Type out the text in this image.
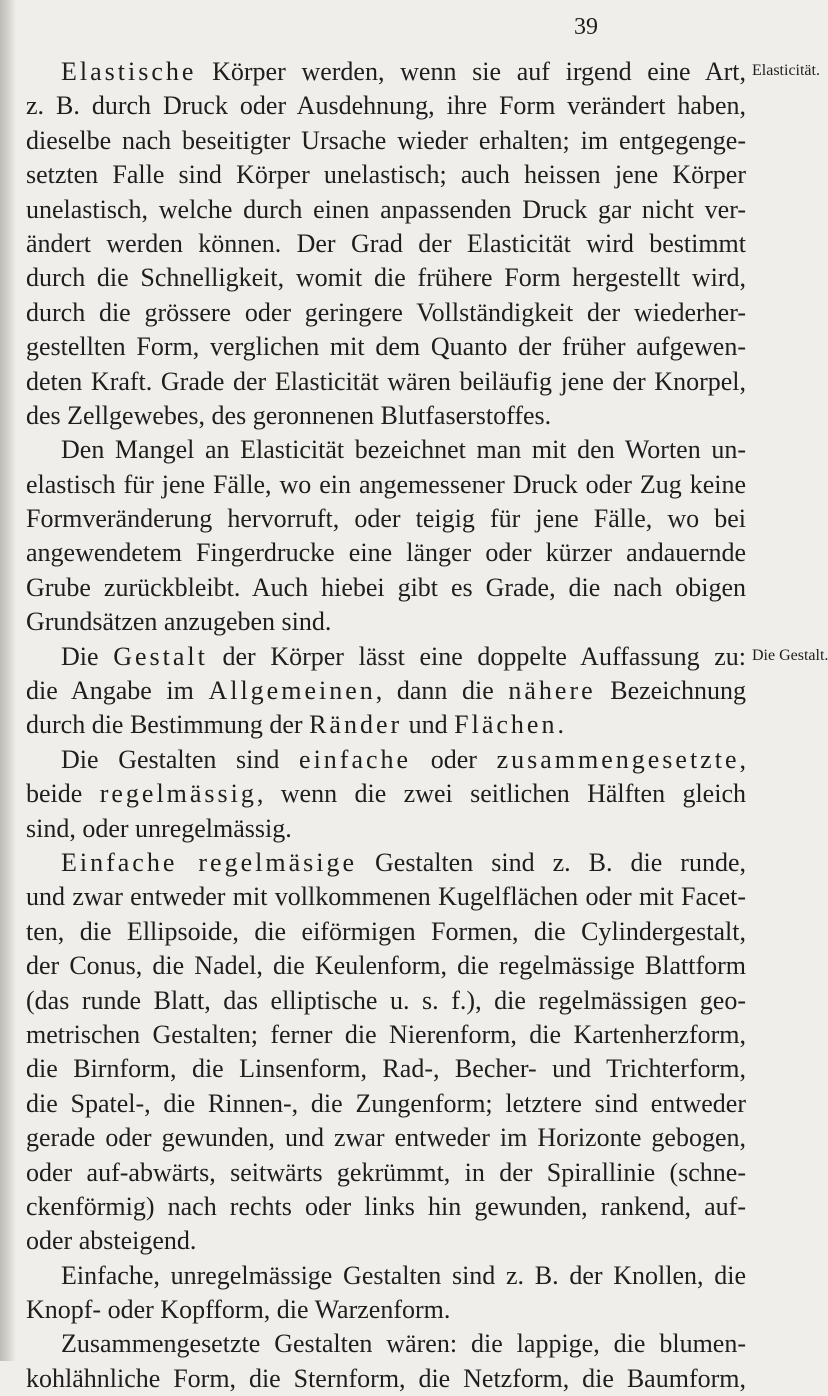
39
Elasticität.
Die Gestalt.
Elastische Körper werden, wenn sie auf irgend eine Art,
z. B. durch Druck oder Ausdehnung, ihre Form verändert haben,
dieselbe nach beseitigter Ursache wieder erhalten; im entgegenge-
setzten Falle sind Körper unelastisch; auch heissen jene Körper
unelastisch, welche durch einen anpassenden Druck gar nicht ver-
ändert werden können. Der Grad der Elasticität wird bestimmt
durch die Schnelligkeit, womit die frühere Form hergestellt wird,
durch die grössere oder geringere Vollständigkeit der wiederher-
gestellten Form, verglichen mit dem Quanto der früher aufgewen-
deten Kraft. Grade der Elasticität wären beiläufig jene der Knorpel,
des Zellgewebes, des geronnenen Blutfaserstoffes.
Den Mangel an Elasticität bezeichnet man mit den Worten un-
elastisch für jene Fälle, wo ein angemessener Druck oder Zug keine
Formveränderung hervorruft, oder teigig für jene Fälle, wo bei
angewendetem Fingerdrucke eine länger oder kürzer andauernde
Grube zurückbleibt. Auch hiebei gibt es Grade, die nach obigen
Grundsätzen anzugeben sind.
Die Gestalt der Körper lässt eine doppelte Auffassung zu:
die Angabe im Allgemeinen, dann die nähere Bezeichnung
durch die Bestimmung der Ränder und Flächen.
Die Gestalten sind einfache oder zusammengesetzte,
beide regelmässig, wenn die zwei seitlichen Hälften gleich
sind, oder unregelmässig.
Einfache regelmäsige Gestalten sind z. B. die runde,
und zwar entweder mit vollkommenen Kugelflächen oder mit Facet-
ten, die Ellipsoide, die eiförmigen Formen, die Cylindergestalt,
der Conus, die Nadel, die Keulenform, die regelmässige Blattform
(das runde Blatt, das elliptische u. s. f.), die regelmässigen geo-
metrischen Gestalten; ferner die Nierenform, die Kartenherzform,
die Birnform, die Linsenform, Rad-, Becher- und Trichterform,
die Spatel-, die Rinnen-, die Zungenform; letztere sind entweder
gerade oder gewunden, und zwar entweder im Horizonte gebogen,
oder auf-abwärts, seitwärts gekrümmt, in der Spirallinie (schne-
ckenförmig) nach rechts oder links hin gewunden, rankend, auf-
oder absteigend.
Einfache, unregelmässige Gestalten sind z. B. der Knollen, die
Knopf- oder Kopfform, die Warzenform.
Zusammengesetzte Gestalten wären: die lappige, die blumen-
kohlähnliche Form, die Sternform, die Netzform, die Baumform,
